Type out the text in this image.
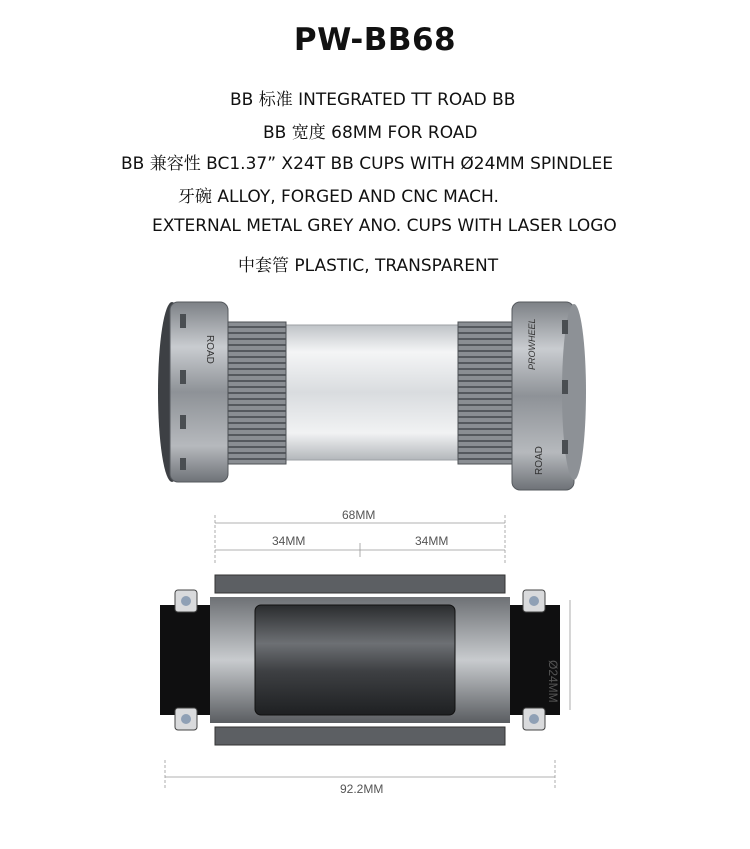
PW-BB68
BB 标准 INTEGRATED TT ROAD BB
BB 宽度 68MM FOR ROAD
BB 兼容性 BC1.37” X24T BB CUPS WITH Ø24MM SPINDLEE
牙碗 ALLOY, FORGED AND CNC MACH.
EXTERNAL METAL GREY ANO. CUPS WITH LASER LOGO
中套管 PLASTIC, TRANSPARENT
ROAD
ROAD
PROWHEEL
68MM
34MM	34MM
Ø24MM
92.2MM
